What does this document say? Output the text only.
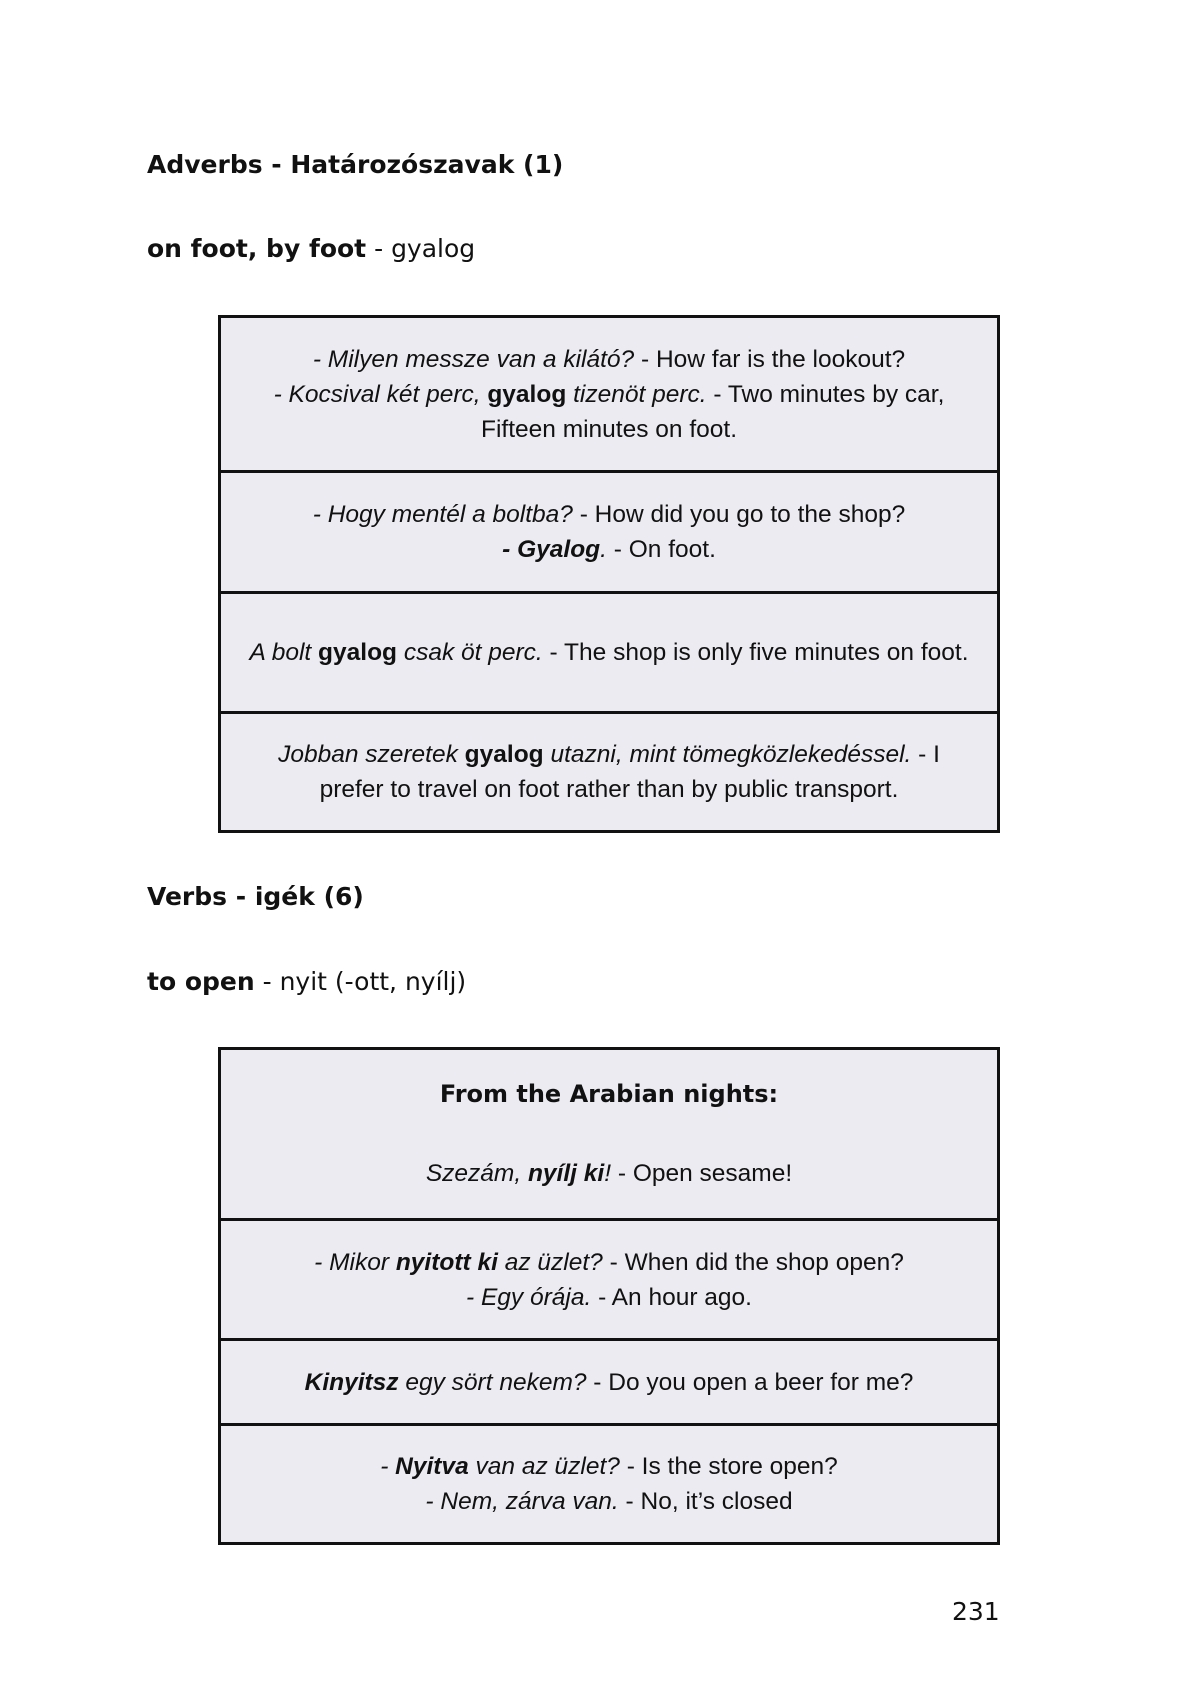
Adverbs - Határozószavak (1)
on foot, by foot - gyalog
- Milyen messze van a kilátó? - How far is the lookout?
- Kocsival két perc, gyalog tizenöt perc. - Two minutes by car,
Fifteen minutes on foot.
- Hogy mentél a boltba? - How did you go to the shop?
- Gyalog. - On foot.
A bolt gyalog csak öt perc. - The shop is only five minutes on foot.
Jobban szeretek gyalog utazni, mint tömegközlekedéssel. - I prefer to travel on foot rather than by public transport.
Verbs - igék (6)
to open - nyit (-ott, nyílj)
From the Arabian nights:
Szezám, nyílj ki! - Open sesame!
- Mikor nyitott ki az üzlet? - When did the shop open?
- Egy órája. - An hour ago.
Kinyitsz egy sört nekem? - Do you open a beer for me?
- Nyitva van az üzlet? - Is the store open?
- Nem, zárva van. - No, it’s closed
231
